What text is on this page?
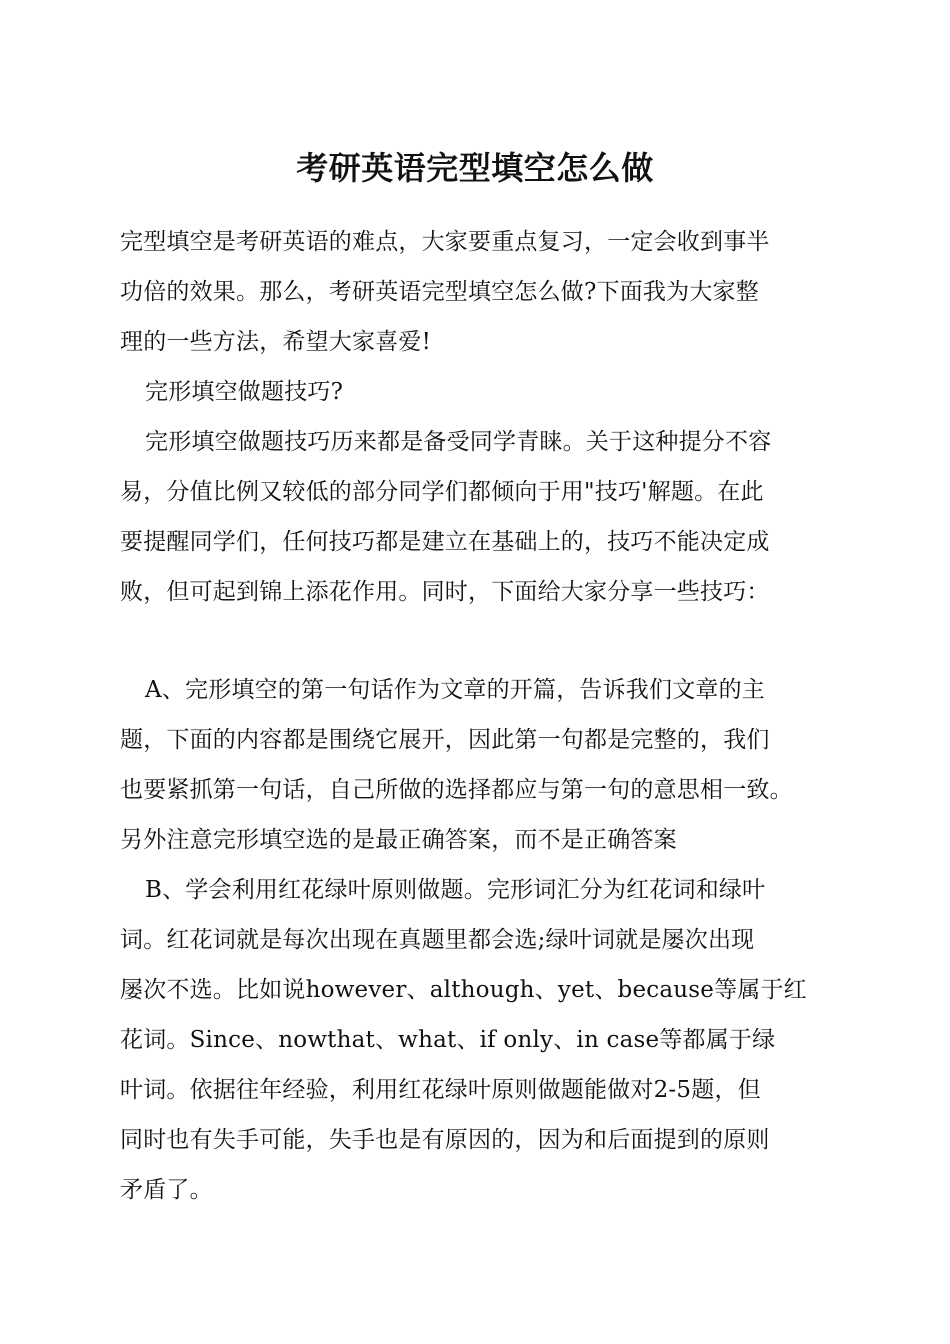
考研英语完型填空怎么做
完型填空是考研英语的难点，大家要重点复习，一定会收到事半
功倍的效果。那么，考研英语完型填空怎么做?下面我为大家整
理的一些方法，希望大家喜爱!
完形填空做题技巧?
完形填空做题技巧历来都是备受同学青睐。关于这种提分不容
易，分值比例又较低的部分同学们都倾向于用"技巧'解题。在此
要提醒同学们，任何技巧都是建立在基础上的，技巧不能决定成
败，但可起到锦上添花作用。同时，下面给大家分享一些技巧：
A、完形填空的第一句话作为文章的开篇，告诉我们文章的主
题，下面的内容都是围绕它展开，因此第一句都是完整的，我们
也要紧抓第一句话，自己所做的选择都应与第一句的意思相一致。
另外注意完形填空选的是最正确答案，而不是正确答案
B、学会利用红花绿叶原则做题。完形词汇分为红花词和绿叶
词。红花词就是每次出现在真题里都会选;绿叶词就是屡次出现
屡次不选。比如说however、although、yet、because等属于红
花词。Since、nowthat、what、if only、in case等都属于绿
叶词。依据往年经验，利用红花绿叶原则做题能做对2-5题，但
同时也有失手可能，失手也是有原因的，因为和后面提到的原则
矛盾了。
